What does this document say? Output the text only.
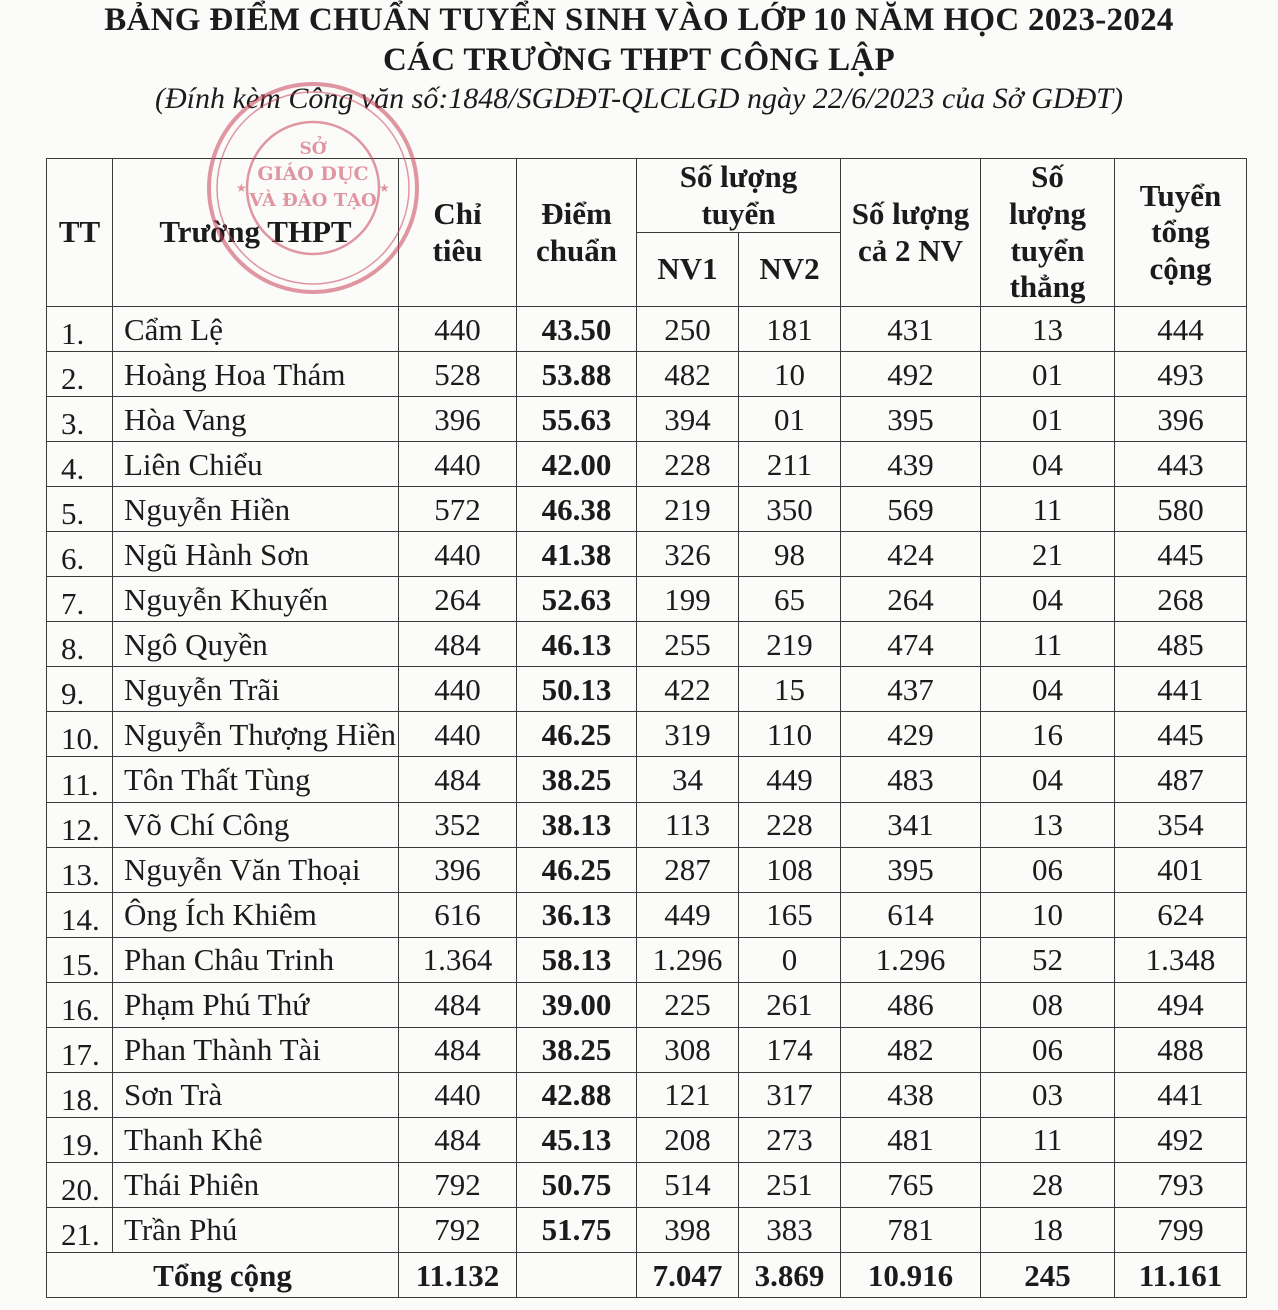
BẢNG ĐIỂM CHUẨN TUYỂN SINH VÀO LỚP 10 NĂM HỌC 2023-2024
CÁC TRƯỜNG THPT CÔNG LẬP
(Đính kèm Công văn số:1848/SGDĐT-QLCLGD ngày 22/6/2023 của Sở GDĐT)
TT	Trường THPT	Chỉ tiêu	Điểm chuẩn	Số lượng tuyển		Số lượng cả 2 NV	Số lượng tuyển thẳng	Tuyển tổng cộng
				NV1	NV2			
1.	Cẩm Lệ	440	43.50	250	181	431	13	444
2.	Hoàng Hoa Thám	528	53.88	482	10	492	01	493
3.	Hòa Vang	396	55.63	394	01	395	01	396
4.	Liên Chiểu	440	42.00	228	211	439	04	443
5.	Nguyễn Hiền	572	46.38	219	350	569	11	580
6.	Ngũ Hành Sơn	440	41.38	326	98	424	21	445
7.	Nguyễn Khuyến	264	52.63	199	65	264	04	268
8.	Ngô Quyền	484	46.13	255	219	474	11	485
9.	Nguyễn Trãi	440	50.13	422	15	437	04	441
10.	Nguyễn Thượng Hiền	440	46.25	319	110	429	16	445
11.	Tôn Thất Tùng	484	38.25	34	449	483	04	487
12.	Võ Chí Công	352	38.13	113	228	341	13	354
13.	Nguyễn Văn Thoại	396	46.25	287	108	395	06	401
14.	Ông Ích Khiêm	616	36.13	449	165	614	10	624
15.	Phan Châu Trinh	1.364	58.13	1.296	0	1.296	52	1.348
16.	Phạm Phú Thứ	484	39.00	225	261	486	08	494
17.	Phan Thành Tài	484	38.25	308	174	482	06	488
18.	Sơn Trà	440	42.88	121	317	438	03	441
19.	Thanh Khê	484	45.13	208	273	481	11	492
20.	Thái Phiên	792	50.75	514	251	765	28	793
21.	Trần Phú	792	51.75	398	383	781	18	799
Tổng cộng		11.132		7.047	3.869	10.916	245	11.161
★	★
SỞ
GIÁO DỤC
VÀ ĐÀO TẠO
